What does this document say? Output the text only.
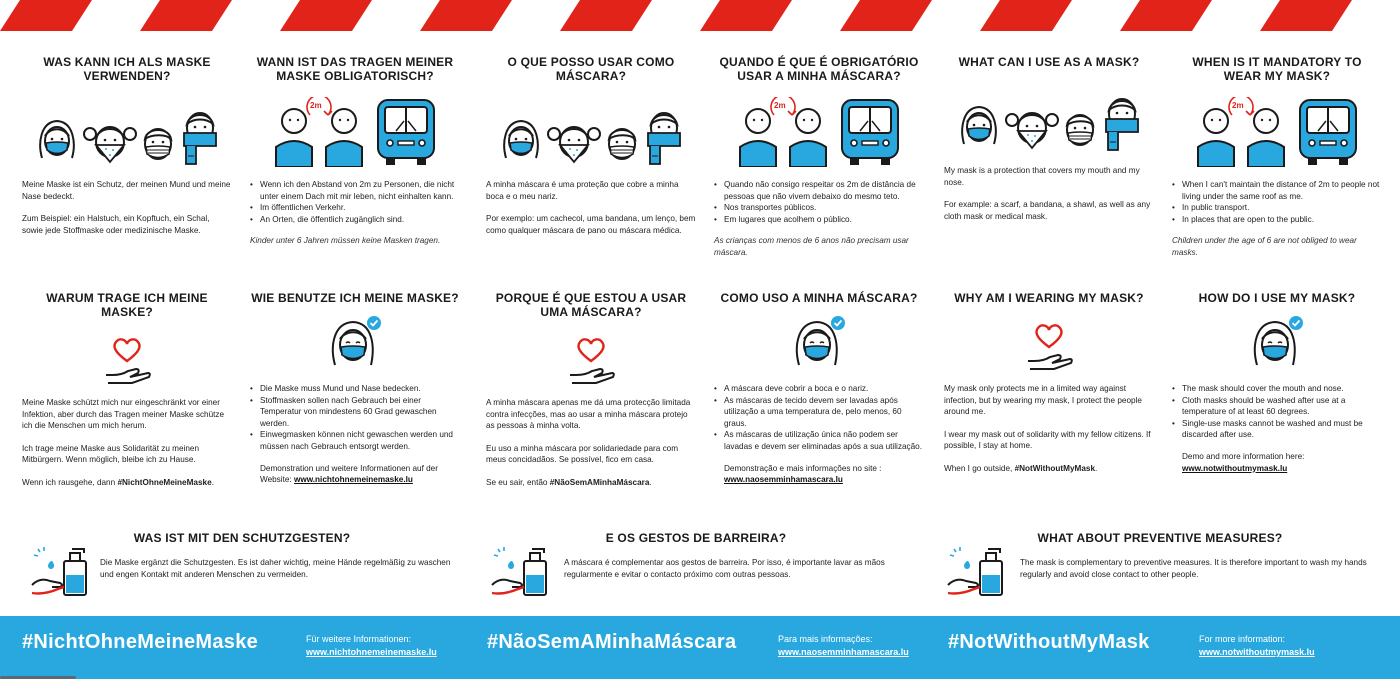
WAS KANN ICH ALS MASKE VERWENDEN?

Meine Maske ist ein Schutz, der meinen Mund und meine Nase bedeckt.

Zum Beispiel: ein Halstuch, ein Kopftuch, ein Schal, sowie jede Stoffmaske oder medizinische Maske.

WANN IST DAS TRAGEN MEINER MASKE OBLIGATORISCH?
2m
• Wenn ich den Abstand von 2m zu Personen, die nicht unter einem Dach mit mir leben, nicht einhalten kann.
• Im öffentlichen Verkehr.
• An Orten, die öffentlich zugänglich sind.
Kinder unter 6 Jahren müssen keine Masken tragen.
WARUM TRAGE ICH MEINE MASKE?

Meine Maske schützt mich nur eingeschränkt vor einer Infektion, aber durch das Tragen meiner Maske schütze ich die Menschen um mich herum.

Ich trage meine Maske aus Solidarität zu meinen Mitbürgern. Wenn möglich, bleibe ich zu Hause.

Wenn ich rausgehe, dann #NichtOhneMeineMaske.

WIE BENUTZE ICH MEINE MASKE?
• Die Maske muss Mund und Nase bedecken.
• Stoffmasken sollen nach Gebrauch bei einer Temperatur von mindestens 60 Grad gewaschen werden.
• Einwegmasken können nicht gewaschen werden und müssen nach Gebrauch entsorgt werden.
Demonstration und weitere Informationen auf der Website: www.nichtohnemeinemaske.lu
WAS IST MIT DEN SCHUTZGESTEN?
Die Maske ergänzt die Schutzgesten. Es ist daher wichtig, meine Hände regelmäßig zu waschen und engen Kontakt mit anderen Menschen zu vermeiden.
O QUE POSSO USAR COMO MÁSCARA?

A minha máscara é uma proteção que cobre a minha boca e o meu nariz.

Por exemplo: um cachecol, uma bandana, um lenço, bem como qualquer máscara de pano ou máscara médica.

QUANDO É QUE É OBRIGATÓRIO USAR A MINHA MÁSCARA?
2m
• Quando não consigo respeitar os 2m de distância de pessoas que não vivem debaixo do mesmo teto.
• Nos transportes públicos.
• Em lugares que acolhem o público.
As crianças com menos de 6 anos não precisam usar máscara.
PORQUE É QUE ESTOU A USAR UMA MÁSCARA?

A minha máscara apenas me dá uma protecção limitada contra infecções, mas ao usar a minha máscara protejo as pessoas à minha volta.

Eu uso a minha máscara por solidariedade para com meus concidadãos. Se possível, fico em casa.

Se eu sair, então #NãoSemAMinhaMáscara.

COMO USO A MINHA MÁSCARA?
• A máscara deve cobrir a boca e o nariz.
• As máscaras de tecido devem ser lavadas após utilização a uma temperatura de, pelo menos, 60 graus.
• As máscaras de utilização única não podem ser lavadas e devem ser eliminadas após a sua utilização.
Demonstração e mais informações no site :
www.naosemminhamascara.lu
E OS GESTOS DE BARREIRA?
A máscara é complementar aos gestos de barreira. Por isso, é importante lavar as mãos regularmente e evitar o contacto próximo com outras pessoas.
WHAT CAN I USE AS A MASK?

My mask is a protection that covers my mouth and my nose.

For example: a scarf, a bandana, a shawl, as well as any cloth mask or medical mask.

WHEN IS IT MANDATORY TO WEAR MY MASK?
2m
• When I can't maintain the distance of 2m to people not living under the same roof as me.
• In public transport.
• In places that are open to the public.
Children under the age of 6 are not obliged to wear masks.
WHY AM I WEARING MY MASK?

My mask only protects me in a limited way against infection, but by wearing my mask, I protect the people around me.

I wear my mask out of solidarity with my fellow citizens. If possible, I stay at home.

When I go outside, #NotWithoutMyMask.

HOW DO I USE MY MASK?
• The mask should cover the mouth and nose.
• Cloth masks should be washed after use at a temperature of at least 60 degrees.
• Single-use masks cannot be washed and must be discarded after use.
Demo and more information here:
www.notwithoutmymask.lu
WHAT ABOUT PREVENTIVE MEASURES?
The mask is complementary to preventive measures. It is therefore important to wash my hands regularly and avoid close contact to other people.
#NichtOhneMeineMaske	Für weitere Informationen:
www.nichtohnemeinemaske.lu	#NãoSemAMinhaMáscara	Para mais informações:
www.naosemminhamascara.lu #NotWithoutMyMask	For more information:
www.notwithoutmymask.lu
